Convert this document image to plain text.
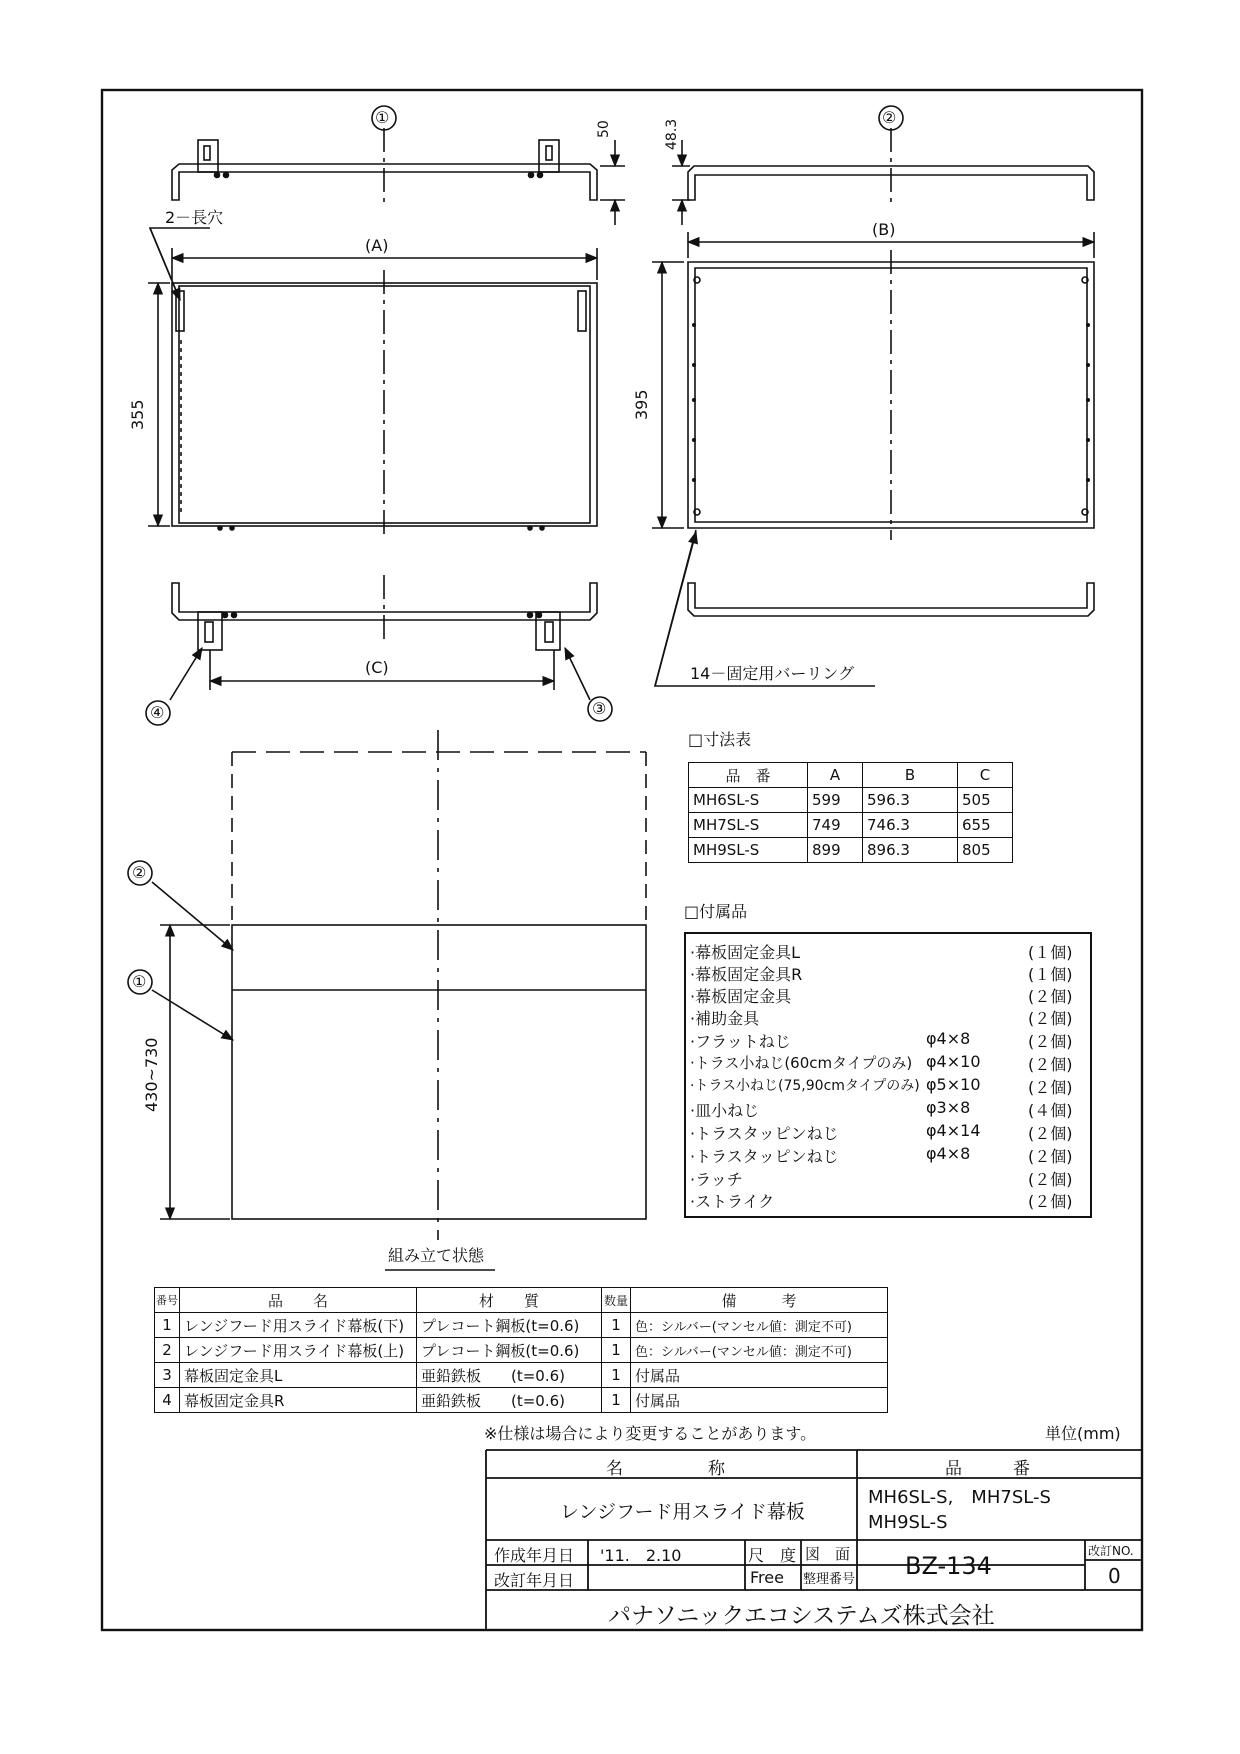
①	②
50	48.3
2－長穴
(A)
(B)
355	395
(C)
④	③
14－固定用バーリング
②
①
430~730
組み立て状態
□寸法表
品　番	A	B	C
MH6SL-S	599	596.3	505
MH7SL-S	749	746.3	655
MH9SL-S	899	896.3	805
□付属品
·幕板固定金具L	(１個)
·幕板固定金具R	(１個)
·幕板固定金具	(２個)
·補助金具	(２個)
·フラットねじ	φ4×8	(２個)
·トラス小ねじ(60cmタイプのみ) φ4×10	(２個)
·トラス小ねじ(75,90cmタイプのみ) φ5×10	(２個)
·皿小ねじ	φ3×8	(４個)
·トラスタッピンねじ	φ4×14	(２個)
·トラスタッピンねじ	φ4×8	(２個)
·ラッチ	(２個)
·ストライク	(２個)
番号	品　　名	材　　質	数量	備　　　考
1	レンジフード用スライド幕板(下)	プレコート鋼板(t=0.6)	1	色：シルバー(マンセル値：測定不可)
2	レンジフード用スライド幕板(上)	プレコート鋼板(t=0.6)	1	色：シルバー(マンセル値：測定不可)
3	幕板固定金具L	亜鉛鉄板　　(t=0.6)	1	付属品
4	幕板固定金具R	亜鉛鉄板　　(t=0.6)	1	付属品
※仕様は場合により変更することがあります。	単位(mm)
名　　　　　称	品　　　番
レンジフード用スライド幕板
MH6SL-S,　MH7SL-S
MH9SL-S
作成年月日 '11.　2.10
改訂年月日
尺　度
Free
図　面
整理番号 BZ-134
改訂NO.
0
パナソニックエコシステムズ株式会社
